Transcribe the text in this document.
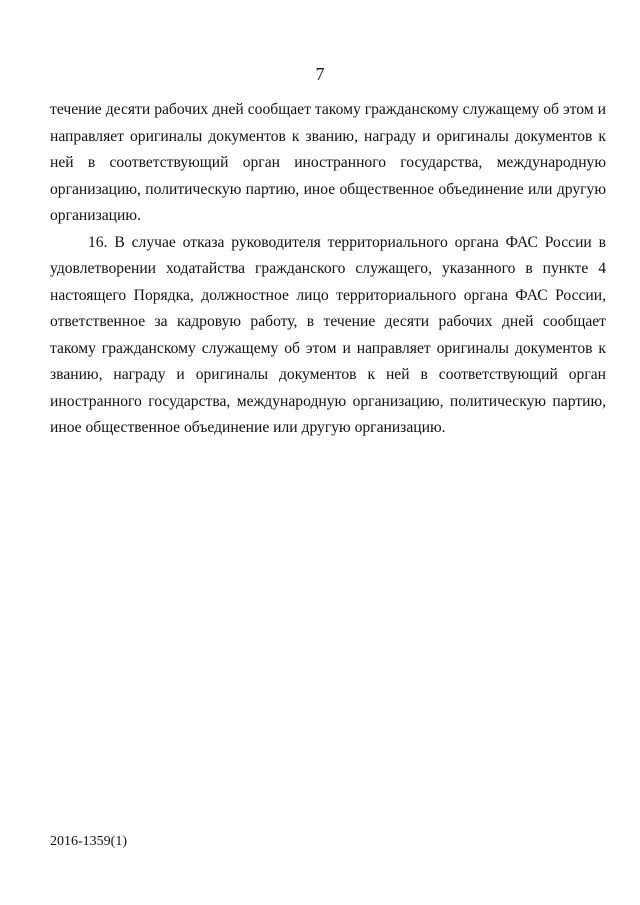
7

течение десяти рабочих дней сообщает такому гражданскому служащему об этом и направляет оригиналы документов к званию, награду и оригиналы документов к ней в соответствующий орган иностранного государства, международную организацию, политическую партию, иное общественное объединение или другую организацию.

16. В случае отказа руководителя территориального органа ФАС России в удовлетворении ходатайства гражданского служащего, указанного в пункте 4 настоящего Порядка, должностное лицо территориального органа ФАС России, ответственное за кадровую работу, в течение десяти рабочих дней сообщает такому гражданскому служащему об этом и направляет оригиналы документов к званию, награду и оригиналы документов к ней в соответствующий орган иностранного государства, международную организацию, политическую партию, иное общественное объединение или другую организацию.

2016-1359(1)
